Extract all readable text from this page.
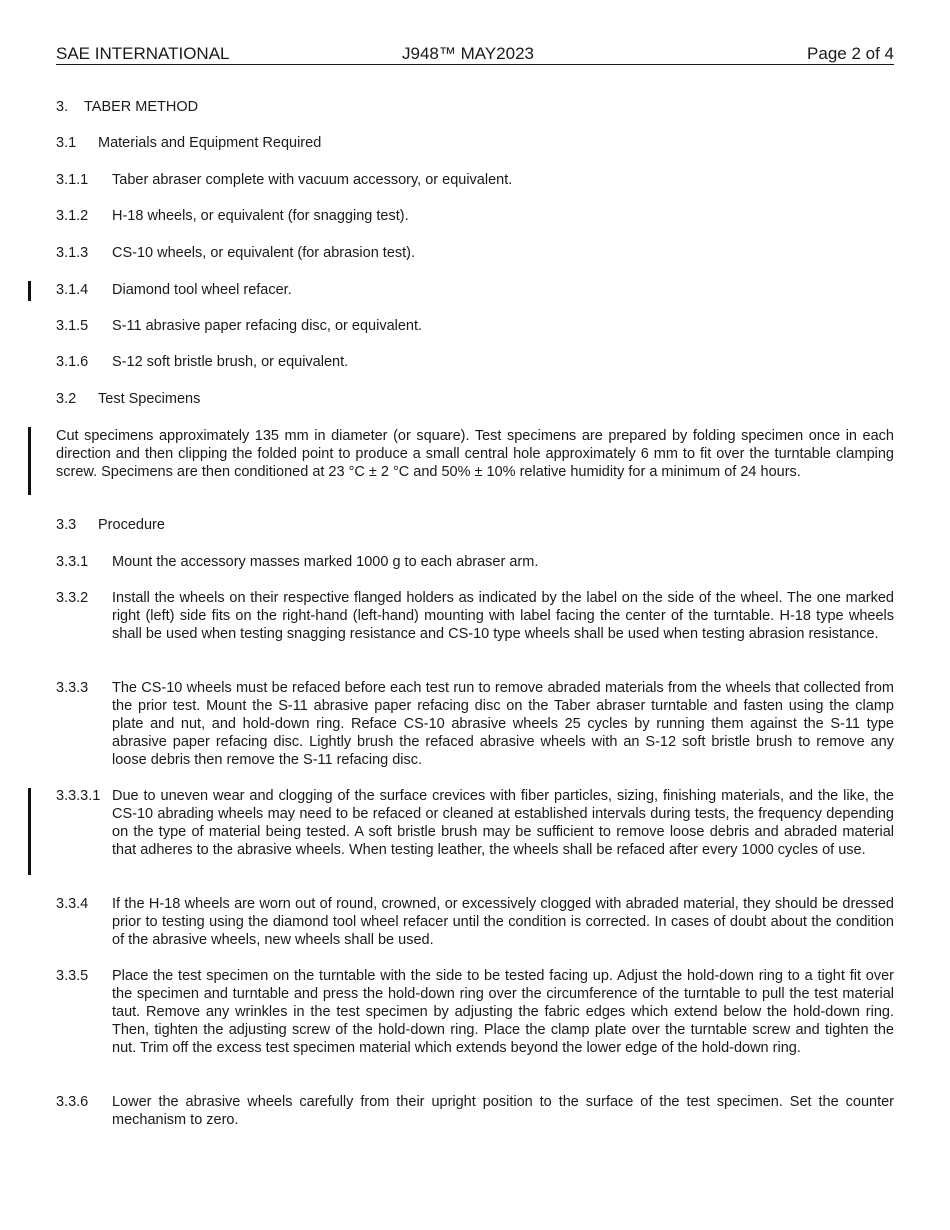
SAE INTERNATIONAL	J948™ MAY2023	Page 2 of 4
3. TABER METHOD
3.1 Materials and Equipment Required
3.1.1 Taber abraser complete with vacuum accessory, or equivalent.
3.1.2 H-18 wheels, or equivalent (for snagging test).
3.1.3 CS-10 wheels, or equivalent (for abrasion test).
3.1.4 Diamond tool wheel refacer.
3.1.5 S-11 abrasive paper refacing disc, or equivalent.
3.1.6 S-12 soft bristle brush, or equivalent.
3.2 Test Specimens
Cut specimens approximately 135 mm in diameter (or square). Test specimens are prepared by folding specimen once in each direction and then clipping the folded point to produce a small central hole approximately 6 mm to fit over the turntable clamping screw. Specimens are then conditioned at 23 °C ± 2 °C and 50% ± 10% relative humidity for a minimum of 24 hours.
3.3 Procedure
3.3.1 Mount the accessory masses marked 1000 g to each abraser arm.
3.3.2 Install the wheels on their respective flanged holders as indicated by the label on the side of the wheel. The one marked right (left) side fits on the right-hand (left-hand) mounting with label facing the center of the turntable. H-18 type wheels shall be used when testing snagging resistance and CS-10 type wheels shall be used when testing abrasion resistance.
3.3.3 The CS-10 wheels must be refaced before each test run to remove abraded materials from the wheels that collected from the prior test. Mount the S-11 abrasive paper refacing disc on the Taber abraser turntable and fasten using the clamp plate and nut, and hold-down ring. Reface CS-10 abrasive wheels 25 cycles by running them against the S-11 type abrasive paper refacing disc. Lightly brush the refaced abrasive wheels with an S-12 soft bristle brush to remove any loose debris then remove the S-11 refacing disc.
3.3.3.1 Due to uneven wear and clogging of the surface crevices with fiber particles, sizing, finishing materials, and the like, the CS-10 abrading wheels may need to be refaced or cleaned at established intervals during tests, the frequency depending on the type of material being tested. A soft bristle brush may be sufficient to remove loose debris and abraded material that adheres to the abrasive wheels. When testing leather, the wheels shall be refaced after every 1000 cycles of use.
3.3.4 If the H-18 wheels are worn out of round, crowned, or excessively clogged with abraded material, they should be dressed prior to testing using the diamond tool wheel refacer until the condition is corrected. In cases of doubt about the condition of the abrasive wheels, new wheels shall be used.
3.3.5 Place the test specimen on the turntable with the side to be tested facing up. Adjust the hold-down ring to a tight fit over the specimen and turntable and press the hold-down ring over the circumference of the turntable to pull the test material taut. Remove any wrinkles in the test specimen by adjusting the fabric edges which extend below the hold-down ring. Then, tighten the adjusting screw of the hold-down ring. Place the clamp plate over the turntable screw and tighten the nut. Trim off the excess test specimen material which extends beyond the lower edge of the hold-down ring.
3.3.6 Lower the abrasive wheels carefully from their upright position to the surface of the test specimen. Set the counter mechanism to zero.
